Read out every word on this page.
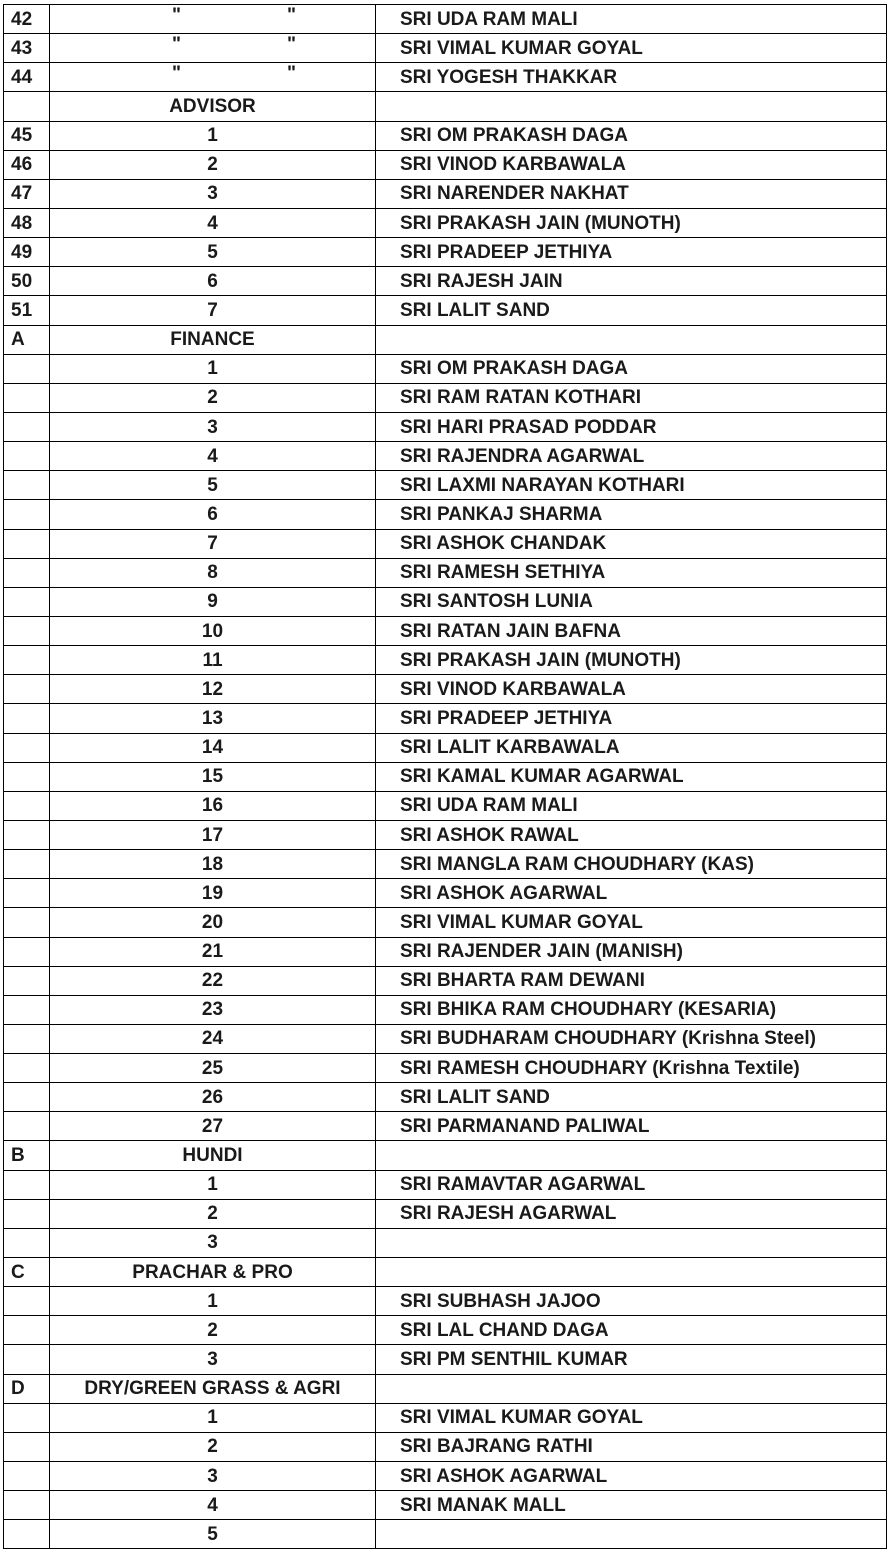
42	" "	SRI UDA RAM MALI
43	" "	SRI VIMAL KUMAR GOYAL
44	" "	SRI YOGESH THAKKAR
	ADVISOR	
45	1	SRI OM PRAKASH DAGA
46	2	SRI VINOD KARBAWALA
47	3	SRI NARENDER NAKHAT
48	4	SRI PRAKASH JAIN (MUNOTH)
49	5	SRI PRADEEP JETHIYA
50	6	SRI RAJESH JAIN
51	7	SRI LALIT SAND
A	FINANCE	
	1	SRI OM PRAKASH DAGA
	2	SRI RAM RATAN KOTHARI
	3	SRI HARI PRASAD PODDAR
	4	SRI RAJENDRA AGARWAL
	5	SRI LAXMI NARAYAN KOTHARI
	6	SRI PANKAJ SHARMA
	7	SRI ASHOK CHANDAK
	8	SRI RAMESH SETHIYA
	9	SRI SANTOSH LUNIA
	10	SRI RATAN JAIN BAFNA
	11	SRI PRAKASH JAIN (MUNOTH)
	12	SRI VINOD KARBAWALA
	13	SRI PRADEEP JETHIYA
	14	SRI LALIT KARBAWALA
	15	SRI KAMAL KUMAR AGARWAL
	16	SRI UDA RAM MALI
	17	SRI ASHOK RAWAL
	18	SRI MANGLA RAM CHOUDHARY (KAS)
	19	SRI ASHOK AGARWAL
	20	SRI VIMAL KUMAR GOYAL
	21	SRI RAJENDER JAIN (MANISH)
	22	SRI BHARTA RAM DEWANI
	23	SRI BHIKA RAM CHOUDHARY (KESARIA)
	24	SRI BUDHARAM CHOUDHARY (Krishna Steel)
	25	SRI RAMESH CHOUDHARY (Krishna Textile)
	26	SRI LALIT SAND
	27	SRI PARMANAND PALIWAL
B	HUNDI	
	1	SRI RAMAVTAR AGARWAL
	2	SRI RAJESH AGARWAL
	3	
C	PRACHAR & PRO	
	1	SRI SUBHASH JAJOO
	2	SRI LAL CHAND DAGA
	3	SRI PM SENTHIL KUMAR
D	DRY/GREEN GRASS & AGRI	
	1	SRI VIMAL KUMAR GOYAL
	2	SRI BAJRANG RATHI
	3	SRI ASHOK AGARWAL
	4	SRI MANAK MALL
	5	
